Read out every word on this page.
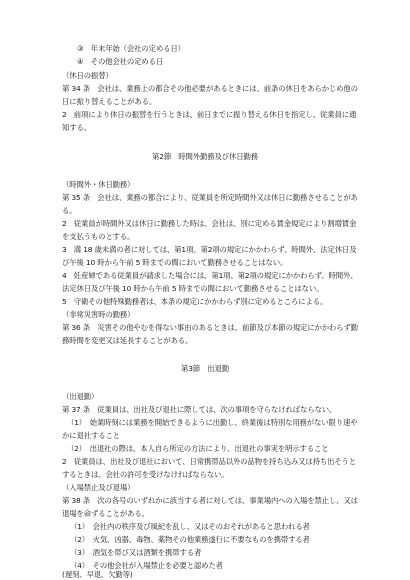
③　年末年始（会社の定める日）
④　その他会社の定める日
（休日の振替）
第 34 条　会社は、業務上の都合その他必要があるときには、前条の休日をあらかじめ他の
日に振り替えることがある。
2　前項により休日の振替を行うときは、前日までに振り替える休日を指定し、従業員に通
知する。
第2節　時間外勤務及び休日勤務
（時間外・休日勤務）
第 35 条　会社は、業務の都合により、従業員を所定時間外又は休日に勤務させることがあ
る。
2　従業員が時間外又は休日に勤務した時は、会社は、別に定める賃金規定により割増賃金
を支払うものとする。
3　満 18 歳未満の者に対しては、第1項、第2項の規定にかかわらず、時間外、法定休日及
び午後 10 時から午前 5 時までの間において勤務させることはない。
4　妊産婦である従業員が請求した場合には、第1項、第2項の規定にかかわらず、時間外、
法定休日及び午後 10 時から午前 5 時までの間において勤務させることはない。
5　守衛その他特殊勤務者は、本条の規定にかかわらず別に定めるところによる。
（非常災害時の勤務）
第 36 条　災害その他やむを得ない事由のあるときは、前節及び本節の規定にかかわらず勤
務時間を変更又は延長することがある。
第3節　出退勤
（出退勤）
第 37 条　従業員は、出社及び退社に際しては、次の事項を守らなければならない。
（1）　始業時刻には業務を開始できるように出勤し、終業後は特別な用務がない限り速や
かに退社すること
（2）　出退社の際は、本人自ら所定の方法により、出退社の事実を明示すること
2　従業員は、出社及び退社において、日常携帯品以外の品物を持ち込み又は持ち出そうと
するときは、会社の許可を受けなければならない。
（入場禁止及び退場）
第 38 条　次の各号のいずれかに該当する者に対しては、事業場内への入場を禁止し、又は
退場を命ずることがある。
（1）　会社内の秩序及び風紀を乱し、又はそのおそれがあると思われる者
（2）　火気、凶器、毒物、薬物その他業務遂行に不要なものを携帯する者
（3）　酒気を帯び又は酒類を携帯する者
（4）　その他会社が入場禁止を必要と認めた者
(遅刻、早退、欠勤等)
